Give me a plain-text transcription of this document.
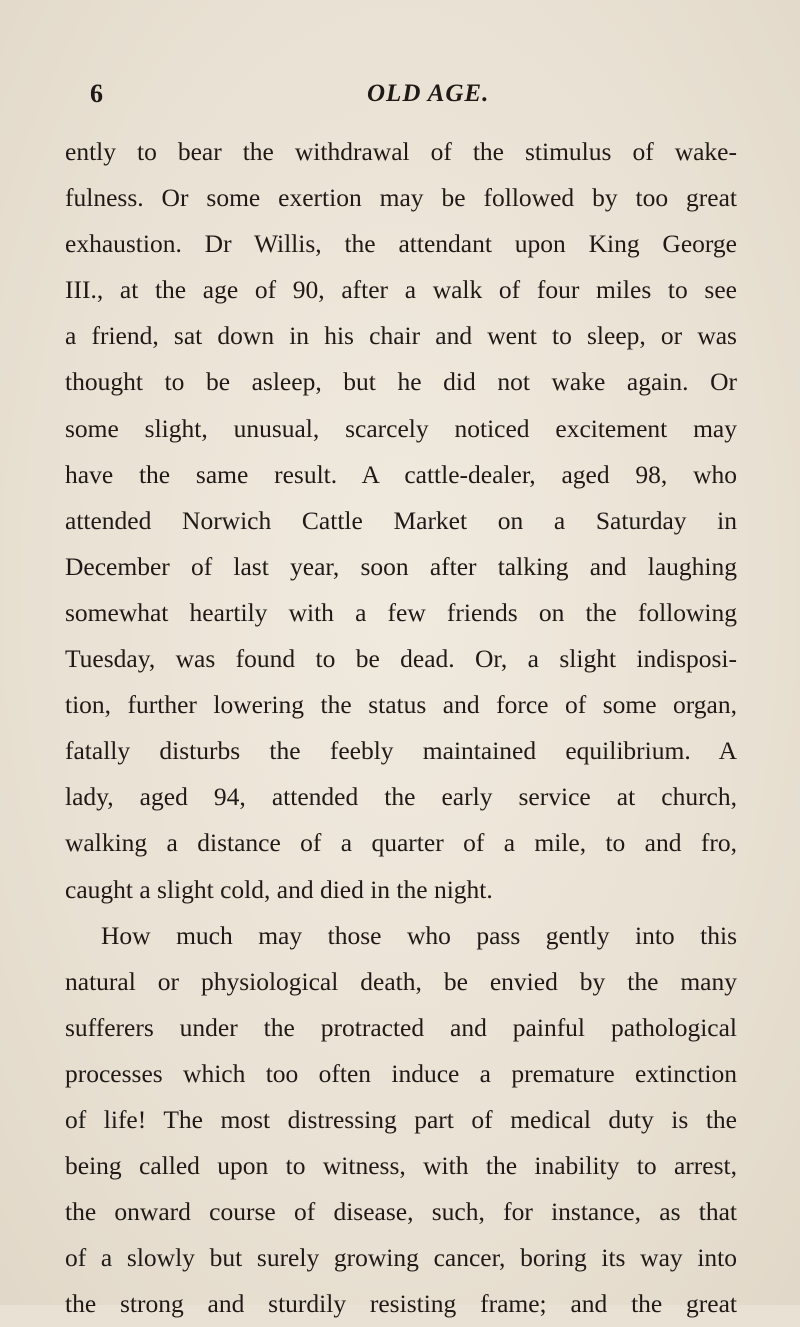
6	OLD AGE.
ently to bear the withdrawal of the stimulus of wake-
fulness. Or some exertion may be followed by too great
exhaustion. Dr Willis, the attendant upon King George
III., at the age of 90, after a walk of four miles to see
a friend, sat down in his chair and went to sleep, or was
thought to be asleep, but he did not wake again. Or
some slight, unusual, scarcely noticed excitement may
have the same result. A cattle-dealer, aged 98, who
attended Norwich Cattle Market on a Saturday in
December of last year, soon after talking and laughing
somewhat heartily with a few friends on the following
Tuesday, was found to be dead. Or, a slight indisposi-
tion, further lowering the status and force of some organ,
fatally disturbs the feebly maintained equilibrium. A
lady, aged 94, attended the early service at church,
walking a distance of a quarter of a mile, to and fro,
caught a slight cold, and died in the night.
How much may those who pass gently into this
natural or physiological death, be envied by the many
sufferers under the protracted and painful pathological
processes which too often induce a premature extinction
of life! The most distressing part of medical duty is the
being called upon to witness, with the inability to arrest,
the onward course of disease, such, for instance, as that
of a slowly but surely growing cancer, boring its way into
the strong and sturdily resisting frame; and the great
